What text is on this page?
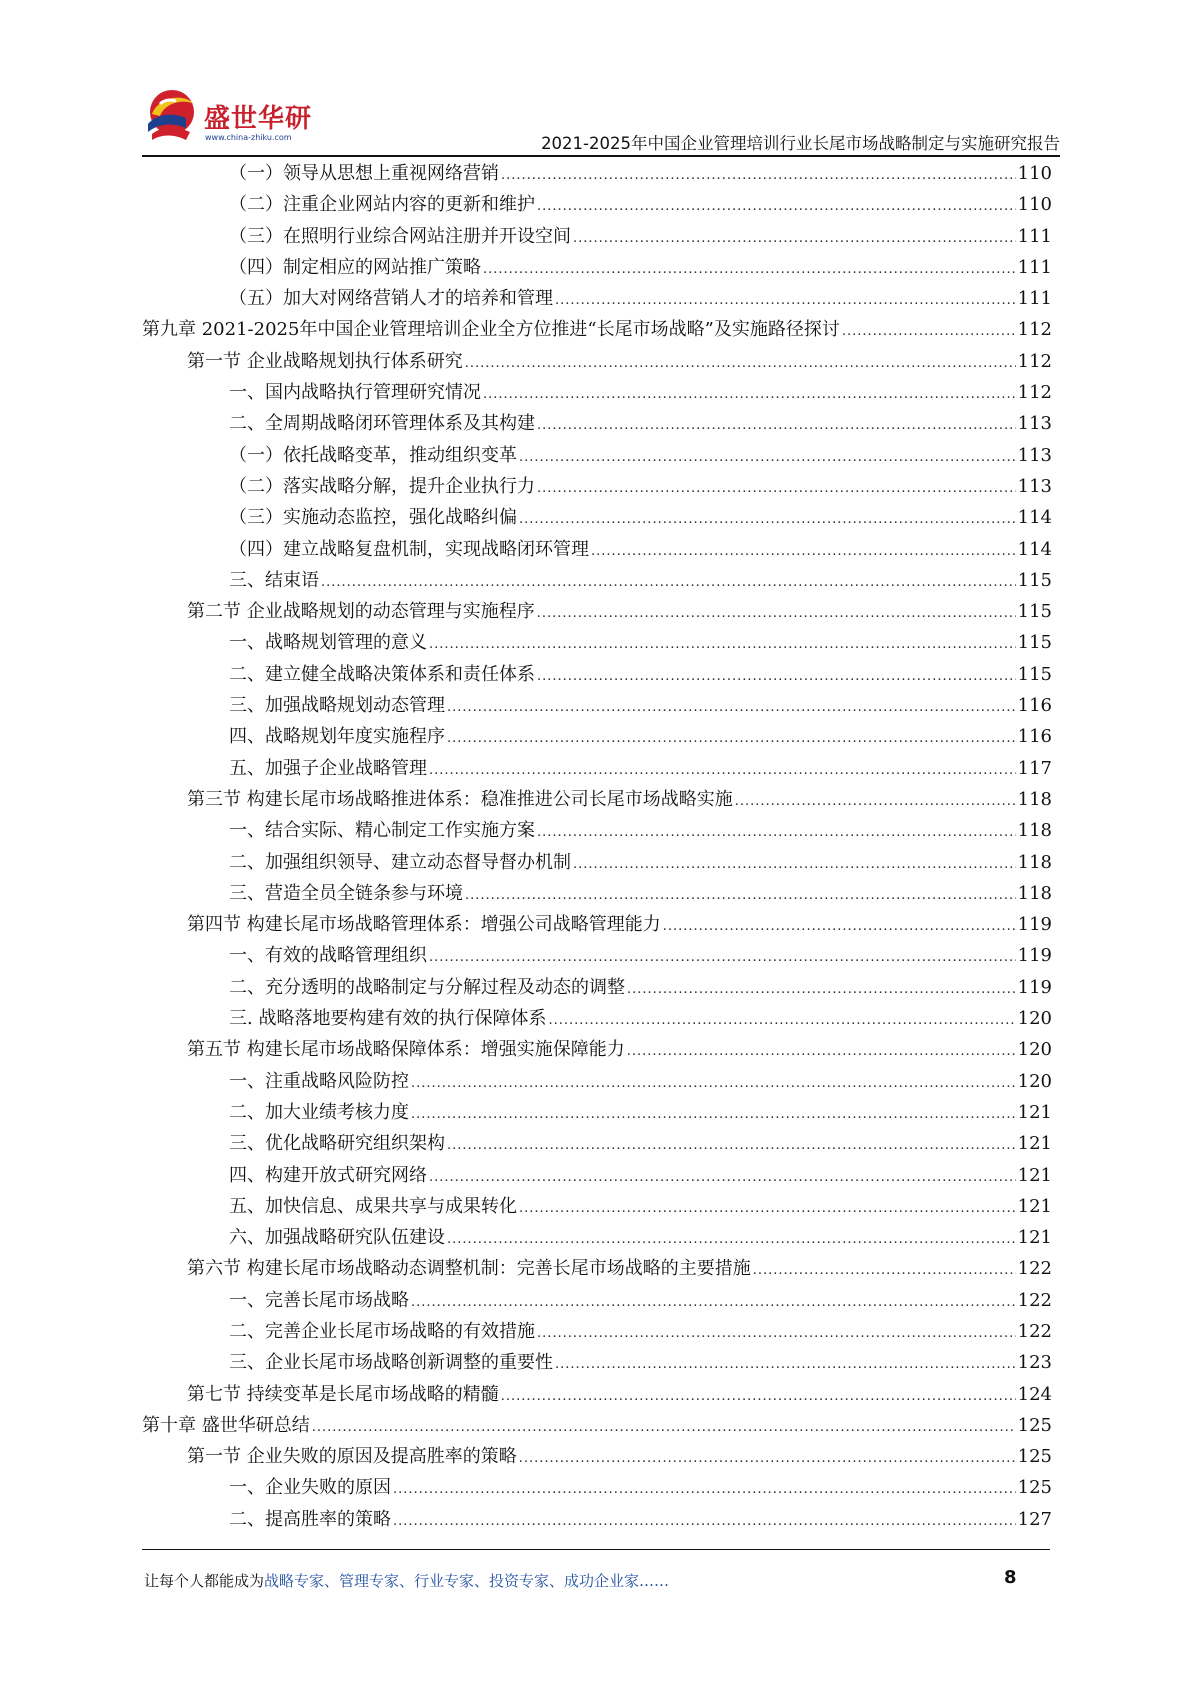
盛世华研
www.china-zhiku.com	2021-2025年中国企业管理培训行业长尾市场战略制定与实施研究报告
（一）领导从思想上重视网络营销 .....	110
（二）注重企业网站内容的更新和维护 .....	110
（三）在照明行业综合网站注册并开设空间 .....	111
（四）制定相应的网站推广策略 .....	111
（五）加大对网络营销人才的培养和管理 .....	111
第九章 2021-2025年中国企业管理培训企业全方位推进“长尾市场战略”及实施路径探讨 .....	112
第一节 企业战略规划执行体系研究 .....	112
一、国内战略执行管理研究情况 .....	112
二、全周期战略闭环管理体系及其构建 .....	113
（一）依托战略变革，推动组织变革 .....	113
（二）落实战略分解，提升企业执行力 .....	113
（三）实施动态监控，强化战略纠偏 .....	114
（四）建立战略复盘机制，实现战略闭环管理 .....	114
三、结束语 .....	115
第二节 企业战略规划的动态管理与实施程序 .....	115
一、战略规划管理的意义 .....	115
二、建立健全战略决策体系和责任体系 .....	115
三、加强战略规划动态管理 .....	116
四、战略规划年度实施程序 .....	116
五、加强子企业战略管理 .....	117
第三节 构建长尾市场战略推进体系：稳准推进公司长尾市场战略实施 .....	118
一、结合实际、精心制定工作实施方案 .....	118
二、加强组织领导、建立动态督导督办机制 .....	118
三、营造全员全链条参与环境 .....	118
第四节 构建长尾市场战略管理体系：增强公司战略管理能力 .....	119
一、有效的战略管理组织 .....	119
二、充分透明的战略制定与分解过程及动态的调整 .....	119
三. 战略落地要构建有效的执行保障体系 .....	120
第五节 构建长尾市场战略保障体系：增强实施保障能力 .....	120
一、注重战略风险防控 .....	120
二、加大业绩考核力度 .....	121
三、优化战略研究组织架构 .....	121
四、构建开放式研究网络 .....	121
五、加快信息、成果共享与成果转化 .....	121
六、加强战略研究队伍建设 .....	121
第六节 构建长尾市场战略动态调整机制：完善长尾市场战略的主要措施 .....	122
一、完善长尾市场战略 .....	122
二、完善企业长尾市场战略的有效措施 .....	122
三、企业长尾市场战略创新调整的重要性 .....	123
第七节 持续变革是长尾市场战略的精髓 .....	124
第十章 盛世华研总结 .....	125
第一节 企业失败的原因及提高胜率的策略 .....	125
一、企业失败的原因 .....	125
二、提高胜率的策略 .....	127
让每个人都能成为战略专家、管理专家、行业专家、投资专家、成功企业家……	8
